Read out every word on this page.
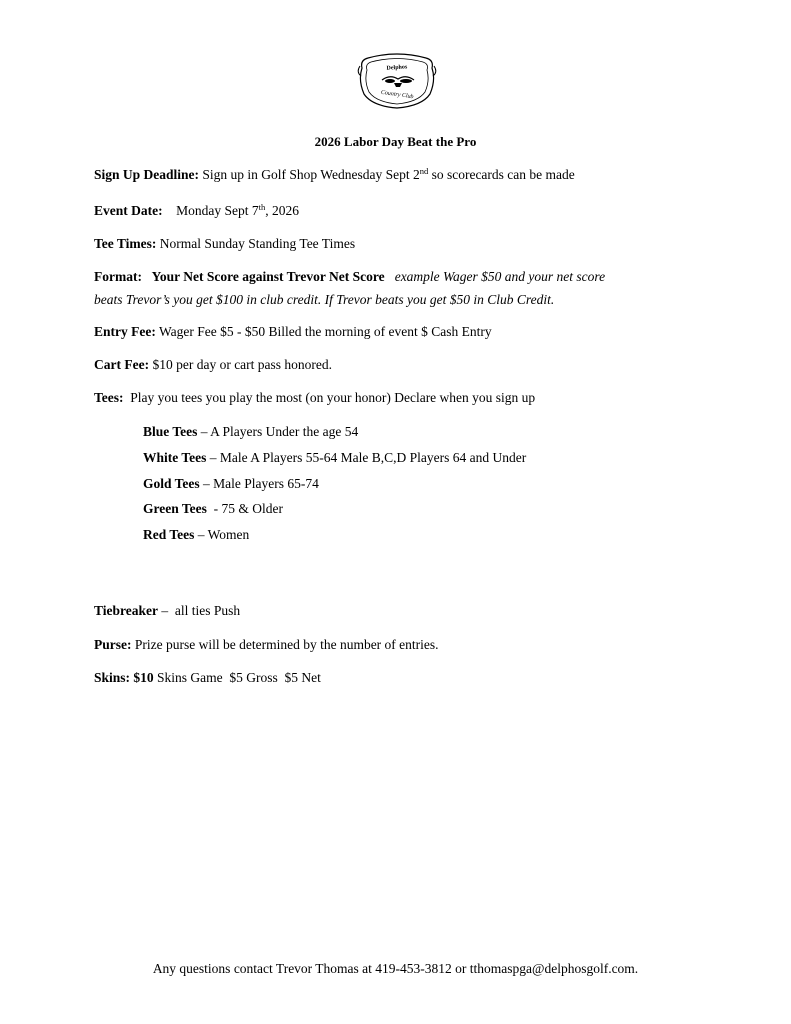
Delphos
Country Club
2026 Labor Day Beat the Pro
Sign Up Deadline: Sign up in Golf Shop Wednesday Sept 2nd so scorecards can be made
Event Date:    Monday Sept 7th, 2026
Tee Times: Normal Sunday Standing Tee Times
Format:   Your Net Score against Trevor Net Score   example Wager $50 and your net score
beats Trevor’s you get $100 in club credit. If Trevor beats you get $50 in Club Credit.
Entry Fee: Wager Fee $5 - $50 Billed the morning of event $ Cash Entry
Cart Fee: $10 per day or cart pass honored.
Tees:  Play you tees you play the most (on your honor) Declare when you sign up
Blue Tees – A Players Under the age 54
White Tees – Male A Players 55-64 Male B,C,D Players 64 and Under
Gold Tees – Male Players 65-74
Green Tees  - 75 & Older
Red Tees – Women
Tiebreaker –  all ties Push
Purse: Prize purse will be determined by the number of entries.
Skins: $10 Skins Game  $5 Gross  $5 Net
Any questions contact Trevor Thomas at 419-453-3812 or tthomaspga@delphosgolf.com.
